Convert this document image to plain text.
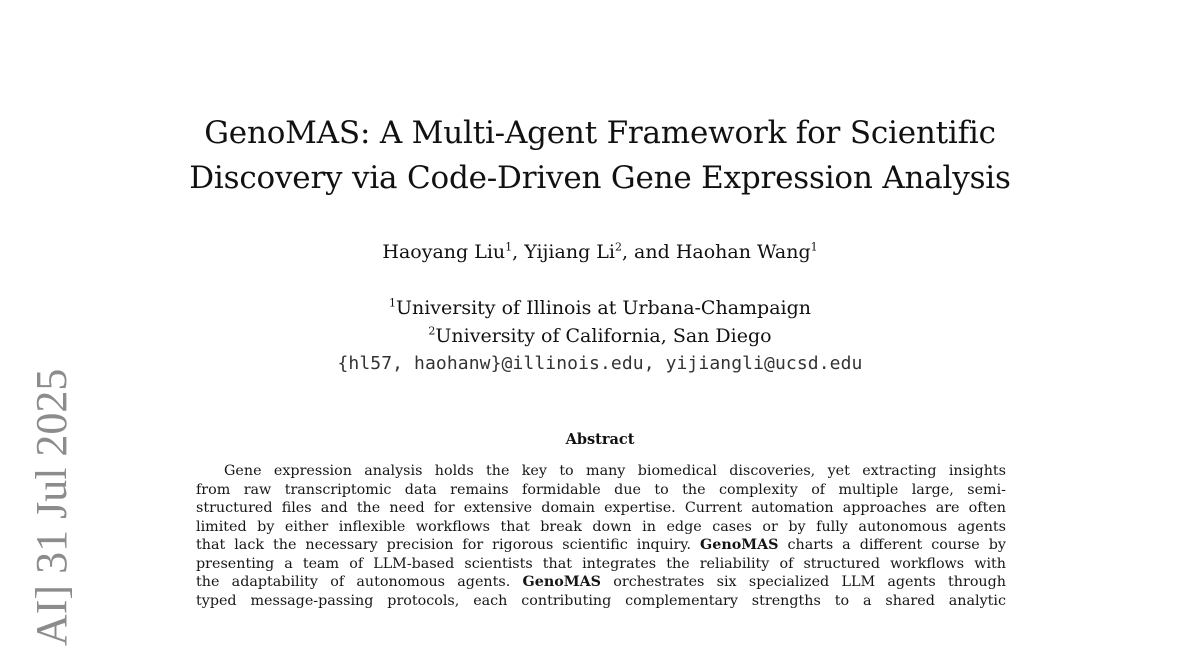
AI] 31 Jul 2025
GenoMAS: A Multi-Agent Framework for Scientific
Discovery via Code-Driven Gene Expression Analysis
Haoyang Liu$^1$, Yijiang Li$^2$, and Haohan Wang$^1$
$^1$University of Illinois at Urbana-Champaign
$^2$University of California, San Diego
{hl57, haohanw}@illinois.edu, yijiangli@ucsd.edu
Abstract
Gene expression analysis holds the key to many biomedical discoveries, yet extracting insights
from raw transcriptomic data remains formidable due to the complexity of multiple large, semi-
structured files and the need for extensive domain expertise. Current automation approaches are often
limited by either inflexible workflows that break down in edge cases or by fully autonomous agents
that lack the necessary precision for rigorous scientific inquiry. GenoMAS charts a different course by
presenting a team of LLM-based scientists that integrates the reliability of structured workflows with
the adaptability of autonomous agents. GenoMAS orchestrates six specialized LLM agents through
typed message-passing protocols, each contributing complementary strengths to a shared analytic
